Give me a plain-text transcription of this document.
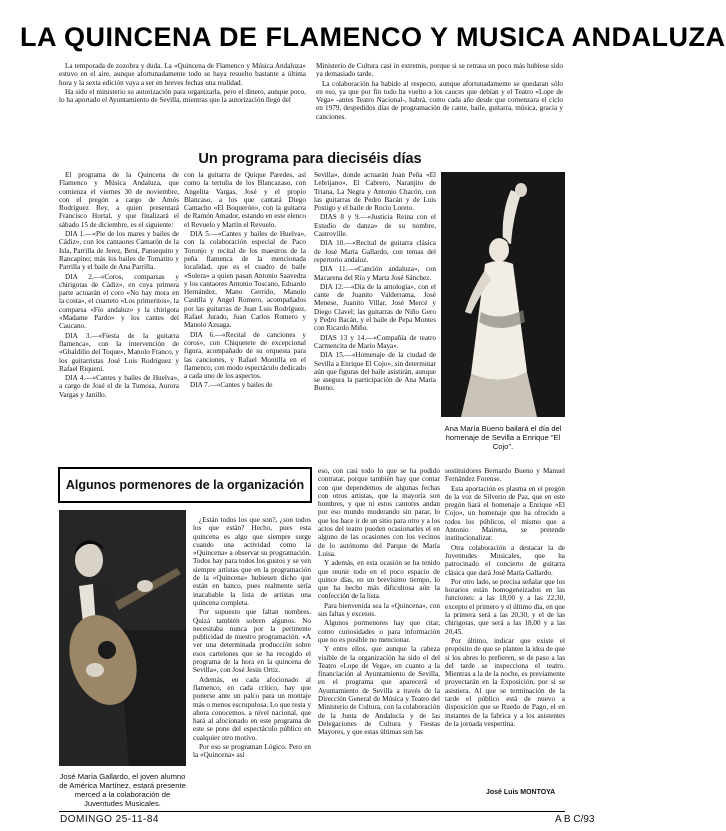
LA QUINCENA DE FLAMENCO Y MUSICA ANDALUZA

La temporada de zozobra y duda. La «Quincena de Flamenco y Música Andaluza» estuvo en el aire, aunque afortunadamente todo se haya resuelto bastante a última hora y la sexta edición vaya a ser en breves fechas una realidad.

Ha sido el ministerio su autorización para organizarla, pero el dinero, aunque poco, lo ha aportado el Ayuntamiento de Sevilla, mientras que la autorización llegó del

Ministerio de Cultura casi in extremis, porque si se retrasa un poco más hubiese sido ya demasiado tarde.

La colaboración ha habido al respecto, aunque afortunadamente se quedaran sólo en eso, ya que por fin todo ha vuelto a los cauces que debían y el Teatro «Lope de Vega» -antes Teatro Nacional-, habrá, como cada año desde que comenzara el ciclo en 1979, despedidos días de programación de cante, baile, guitarra, música, gracia y canciones.

Un programa para dieciséis días

El programa de la Quincena de Flamenco y Música Andaluza, que comienza el viernes 30 de noviembre, con el pregón a cargo de Amós Rodríguez Rey, a quien presentará Francisco Hortal, y que finalizará el sábado 15 de diciembre, es el siguiente:

DIA 1.—«Pie de los mares y bailes de Cádiz», con los cantaores Camarón de la Isla, Parrilla de Jerez, Beni, Pansequito y Rancapino; más los bailes de Tomatito y Parrilla y el baile de Ana Parrilla.

DIA 2.—«Coros, comparsas y chirigotas de Cádiz», en cuya primera parte actuarán el coro «No hay mora en la costa», el cuarteto «Los primeritos», la comparsa «Fío andaluz» y la chirigota «Madame Pardo» y los cantes del Caucano.

DIA 3.—«Fiesta de la guitarra flamenca», con la intervención de «Ghaldilio del Toque», Manolo Franco, y los guitarristas José Luis Rodríguez y Rafael Riqueni.

DIA 4.—«Cantes y bailes de Huelva», a cargo de José el de la Tumosa, Aurora Vargas y Janillo.

con la guitarra de Quique Paredes, así como la tertulia de los Blancazaso, con Angelita Vargas, José y el propio Blancaso, a los que cantará Diego Camacho «El Boquerón», con la guitarra de Ramón Amador, estando en este elenco el Revuelo y Martín el Revuelo.

DIA 5.—«Cantes y bailes de Huelva», con la colaboración especial de Paco Toronjo y recital de los maestros de la peña flamenca de la mencionada localidad, que es el cuadro de baile «Solera» a quien pasan Antonio Saavedra y los cantaores Antonio Toscano, Eduardo Hernández, Mano Gerrido, Manolo Castilla y Angel Romero, acompañados por las guitarras de Juan Luis Rodríguez, Rafael Jurado, Juan Carlos Romero y Manolo Azuaga.

DIA 6.—«Recital de canciones y coros», con Chiquetete de excepcional figura, acompañado de su orquesta para las canciones, y Rafael Montilla en el flamenco, con modo espectáculo dedicado a cada uno de los aspectos.

DIA 7.—«Cantes y bailes de

Sevilla», donde actuarán Juan Peña «El Lebrijano», El Cabrero, Naranjito de Triana, La Negra y Antonio Chacón, con las guitarras de Pedro Bacán y de Luis Postigo y el baile de Rocío Loreto.

DIAS 8 y 9.—«Justicia Reina con el Estudio de danza» de su nombre, Castroville.

DIA 10.—«Recital de guitarra clásica de José María Gallardo, con temas del repertorio andaluz.

DIA 11.—«Canción andaluza», con Macarena del Río y Marta José Sánchez.

DIA 12.—«Día de la antología», con el cante de Juanito Valderrama, José Menese, Juanito Villar, José Mercé y Diego Clavel; las guitarras de Niño Gero y Pedro Bacán, y el baile de Pepa Montes con Ricardo Miño.

DIAS 13 y 14.—«Compañía de teatro Carmencita de Mario Maya».

DIA 15.—«Homenaje de la ciudad de Sevilla a Enrique El Cojo», sin determinar aún que figuras del baile asistirán, aunque se asegura la participación de Ana María Bueno.

Ana María Bueno bailará el día del homenaje de Sevilla a Enrique "El Cojo".
Algunos pormenores de la organización
José María Gallardo, el joven alumno de América Martínez, estará presente merced a la colaboración de Juventudes Musicales.

¿Están todos los que son?, ¿son todos los que están? Hecho, pues esta quincena es algo que siempre surge cuando una actividad como la «Quincena» a observar su programación. Todos hay para todos los gustos y se ven siempre artistas que en la programación de la «Quincena» hubiesen dicho que están en banco, pues realmente sería inacabable la lista de artistas una quincena completa.

Por supuesto que faltan nombres. Quizá también sobren algunos. No necesitaba nunca por la pertinente publicidad de nuestro programación. «A ver una determinada producción sobre esos cartelones que se ha recogido el programa de la hora en la quincena de Sevilla», con José Jesús Ortiz.

Además, en cada afocionado al flamenco, en cada crítico, hay que ponerse ante un palco para un montaje más o menos escrupulosa. Lo que resta y ahora conocemos, a nivel nacional, que hará al afocionado en este programa de este se pone del espectáculo público en cualquier otro motivo.

Por eso se programan Lógico. Pero en la «Quincena» así

eso, con casi todo lo que se ha podido contratar, porque también hay que contar con que dependemos de algunas fechas con otros artistas, que la mayoría son hombres, y que ni estos cantores andan por eso mundo moderando sin parar, lo que los hace ir de un sitio para otro y a los actos del teatro pueden ocasionarles el en alguno de las ocasiones con los vecinos de lo autónomo del Parque de María Luisa.

Y además, en esta ocasión se ha tenido que reunir todo en el poco espacio de quince días, en un brevísimo tiempo, lo que ha hecho más dificultosa aún la confección de la lista.

Para bienvenida sea la «Quincena», con sus faltas y excesos.

Algunos pormenores hay que citar, como curiosidades o para información que no es posible no mencionar.

Y entre ellos, que aunque la cabeza visible de la organización ha sido el del Teatro «Lope de Vega», en cuanto a la financiación al Ayuntamiento de Sevilla, en el programa que aparecerá el Ayuntamiento de Sevilla a través de la Dirección General de Música y Teatro del Ministerio de Cultura, con la colaboración de la Junta de Andalucía y de las Delegaciones de Cultura y Fiestas Mayores, y que estas últimas son las

sostituidores Bernardo Bueno y Manuel Fernández Forense.

Esta aportación es plasma en el pregón de la voz de Silverio de Paz, que en este pregón hará el homenaje a Enrique «El Cojo», un homenaje que ha ofrecido a todos los públicos, el mismo que a Antonio Mairena, se pretende institucionalizar.

Otra colaboración a destacar la de Juventudes Musicales, que ha patrocinado el concierto de guitarra clásica que dará José María Gallardo.

Por otro lado, se precisa señalar que los horarios están homogeneizados en las funciones: a las 18,00 y a las 22,30, excepto el primero y el último día, en que la primera será a las 20,30, y el de las chirigotas, que será a las 18,00 y a las 20,45.

Por último, indicar que existe el propósito de que se plantee la idea de que si los abres lo prefieren, se de paso a las del tarde se inspecciona el teatro. Mientras a la de la noche, es previamente proyectarán en la Exposición, por si se asistiera. Al que se terminación de la tarde el público está de nuevo a disposición que se Ruedo de Pago, el en instantes de la fabrica y a los asistentes de la jornada vespertina.

José Luis MONTOYA
DOMINGO 25-11-84	A B C/93
